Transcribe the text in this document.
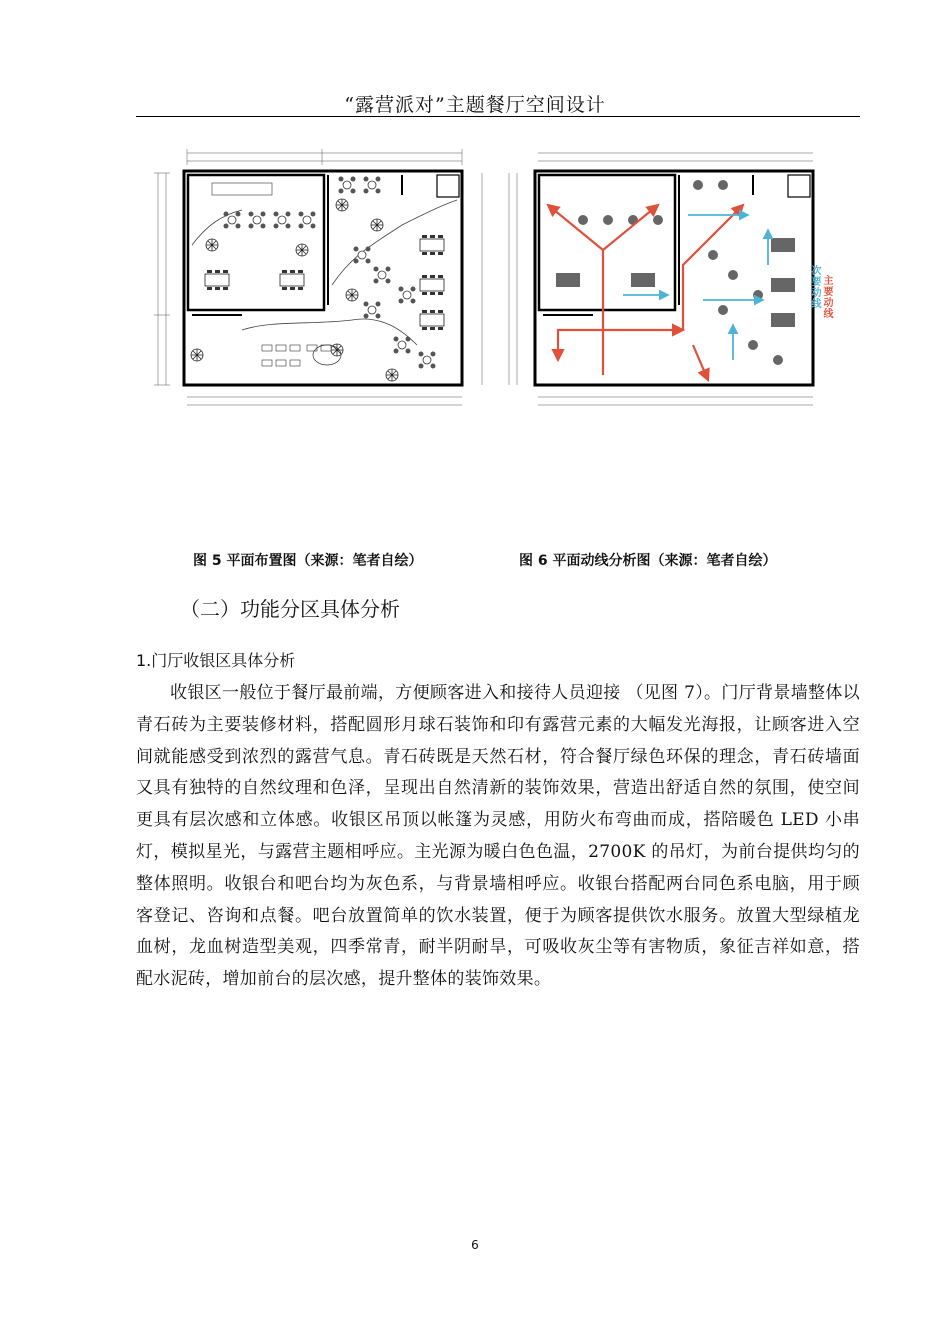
“露营派对”主题餐厅空间设计
主要动线
次要动线
图 5 平面布置图（来源：笔者自绘）	图 6 平面动线分析图（来源：笔者自绘）
（二）功能分区具体分析
1.门厅收银区具体分析
收银区一般位于餐厅最前端，方便顾客进入和接待人员迎接 （见图 7）。门厅背景墙整体以青石砖为主要装修材料，搭配圆形月球石装饰和印有露营元素的大幅发光海报，让顾客进入空间就能感受到浓烈的露营气息。青石砖既是天然石材，符合餐厅绿色环保的理念，青石砖墙面又具有独特的自然纹理和色泽，呈现出自然清新的装饰效果，营造出舒适自然的氛围，使空间更具有层次感和立体感。收银区吊顶以帐篷为灵感，用防火布弯曲而成，搭陪暖色 LED 小串灯，模拟星光，与露营主题相呼应。主光源为暖白色色温，2700K 的吊灯，为前台提供均匀的整体照明。收银台和吧台均为灰色系，与背景墙相呼应。收银台搭配两台同色系电脑，用于顾客登记、咨询和点餐。吧台放置简单的饮水装置，便于为顾客提供饮水服务。放置大型绿植龙血树，龙血树造型美观，四季常青，耐半阴耐旱，可吸收灰尘等有害物质，象征吉祥如意，搭配水泥砖，增加前台的层次感，提升整体的装饰效果。
6
